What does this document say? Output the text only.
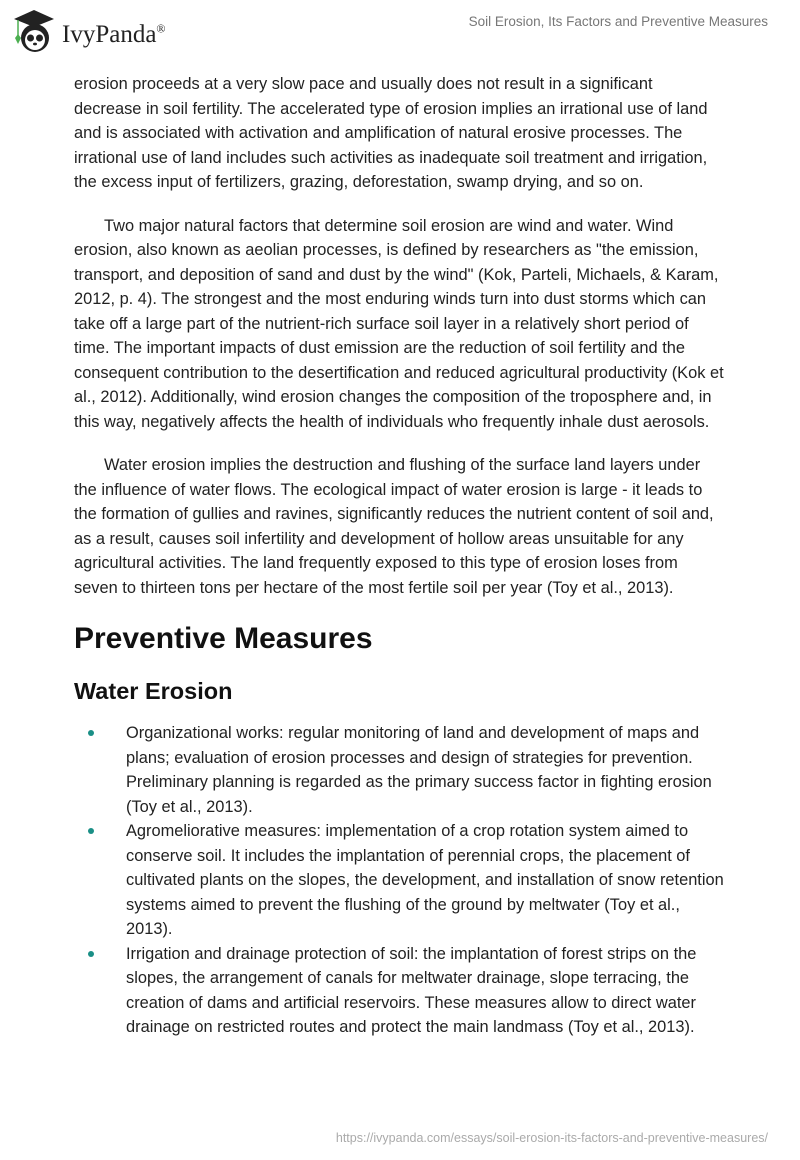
IvyPanda®	Soil Erosion, Its Factors and Preventive Measures

erosion proceeds at a very slow pace and usually does not result in a significant decrease in soil fertility. The accelerated type of erosion implies an irrational use of land and is associated with activation and amplification of natural erosive processes. The irrational use of land includes such activities as inadequate soil treatment and irrigation, the excess input of fertilizers, grazing, deforestation, swamp drying, and so on.

Two major natural factors that determine soil erosion are wind and water. Wind erosion, also known as aeolian processes, is defined by researchers as "the emission, transport, and deposition of sand and dust by the wind" (Kok, Parteli, Michaels, & Karam, 2012, p. 4). The strongest and the most enduring winds turn into dust storms which can take off a large part of the nutrient-rich surface soil layer in a relatively short period of time. The important impacts of dust emission are the reduction of soil fertility and the consequent contribution to the desertification and reduced agricultural productivity (Kok et al., 2012). Additionally, wind erosion changes the composition of the troposphere and, in this way, negatively affects the health of individuals who frequently inhale dust aerosols.

Water erosion implies the destruction and flushing of the surface land layers under the influence of water flows. The ecological impact of water erosion is large - it leads to the formation of gullies and ravines, significantly reduces the nutrient content of soil and, as a result, causes soil infertility and development of hollow areas unsuitable for any agricultural activities. The land frequently exposed to this type of erosion loses from seven to thirteen tons per hectare of the most fertile soil per year (Toy et al., 2013).

Preventive Measures
Water Erosion
Organizational works: regular monitoring of land and development of maps and plans; evaluation of erosion processes and design of strategies for prevention. Preliminary planning is regarded as the primary success factor in fighting erosion (Toy et al., 2013).
Agromeliorative measures: implementation of a crop rotation system aimed to conserve soil. It includes the implantation of perennial crops, the placement of cultivated plants on the slopes, the development, and installation of snow retention systems aimed to prevent the flushing of the ground by meltwater (Toy et al., 2013).
Irrigation and drainage protection of soil: the implantation of forest strips on the slopes, the arrangement of canals for meltwater drainage, slope terracing, the creation of dams and artificial reservoirs. These measures allow to direct water drainage on restricted routes and protect the main landmass (Toy et al., 2013).
https://ivypanda.com/essays/soil-erosion-its-factors-and-preventive-measures/
